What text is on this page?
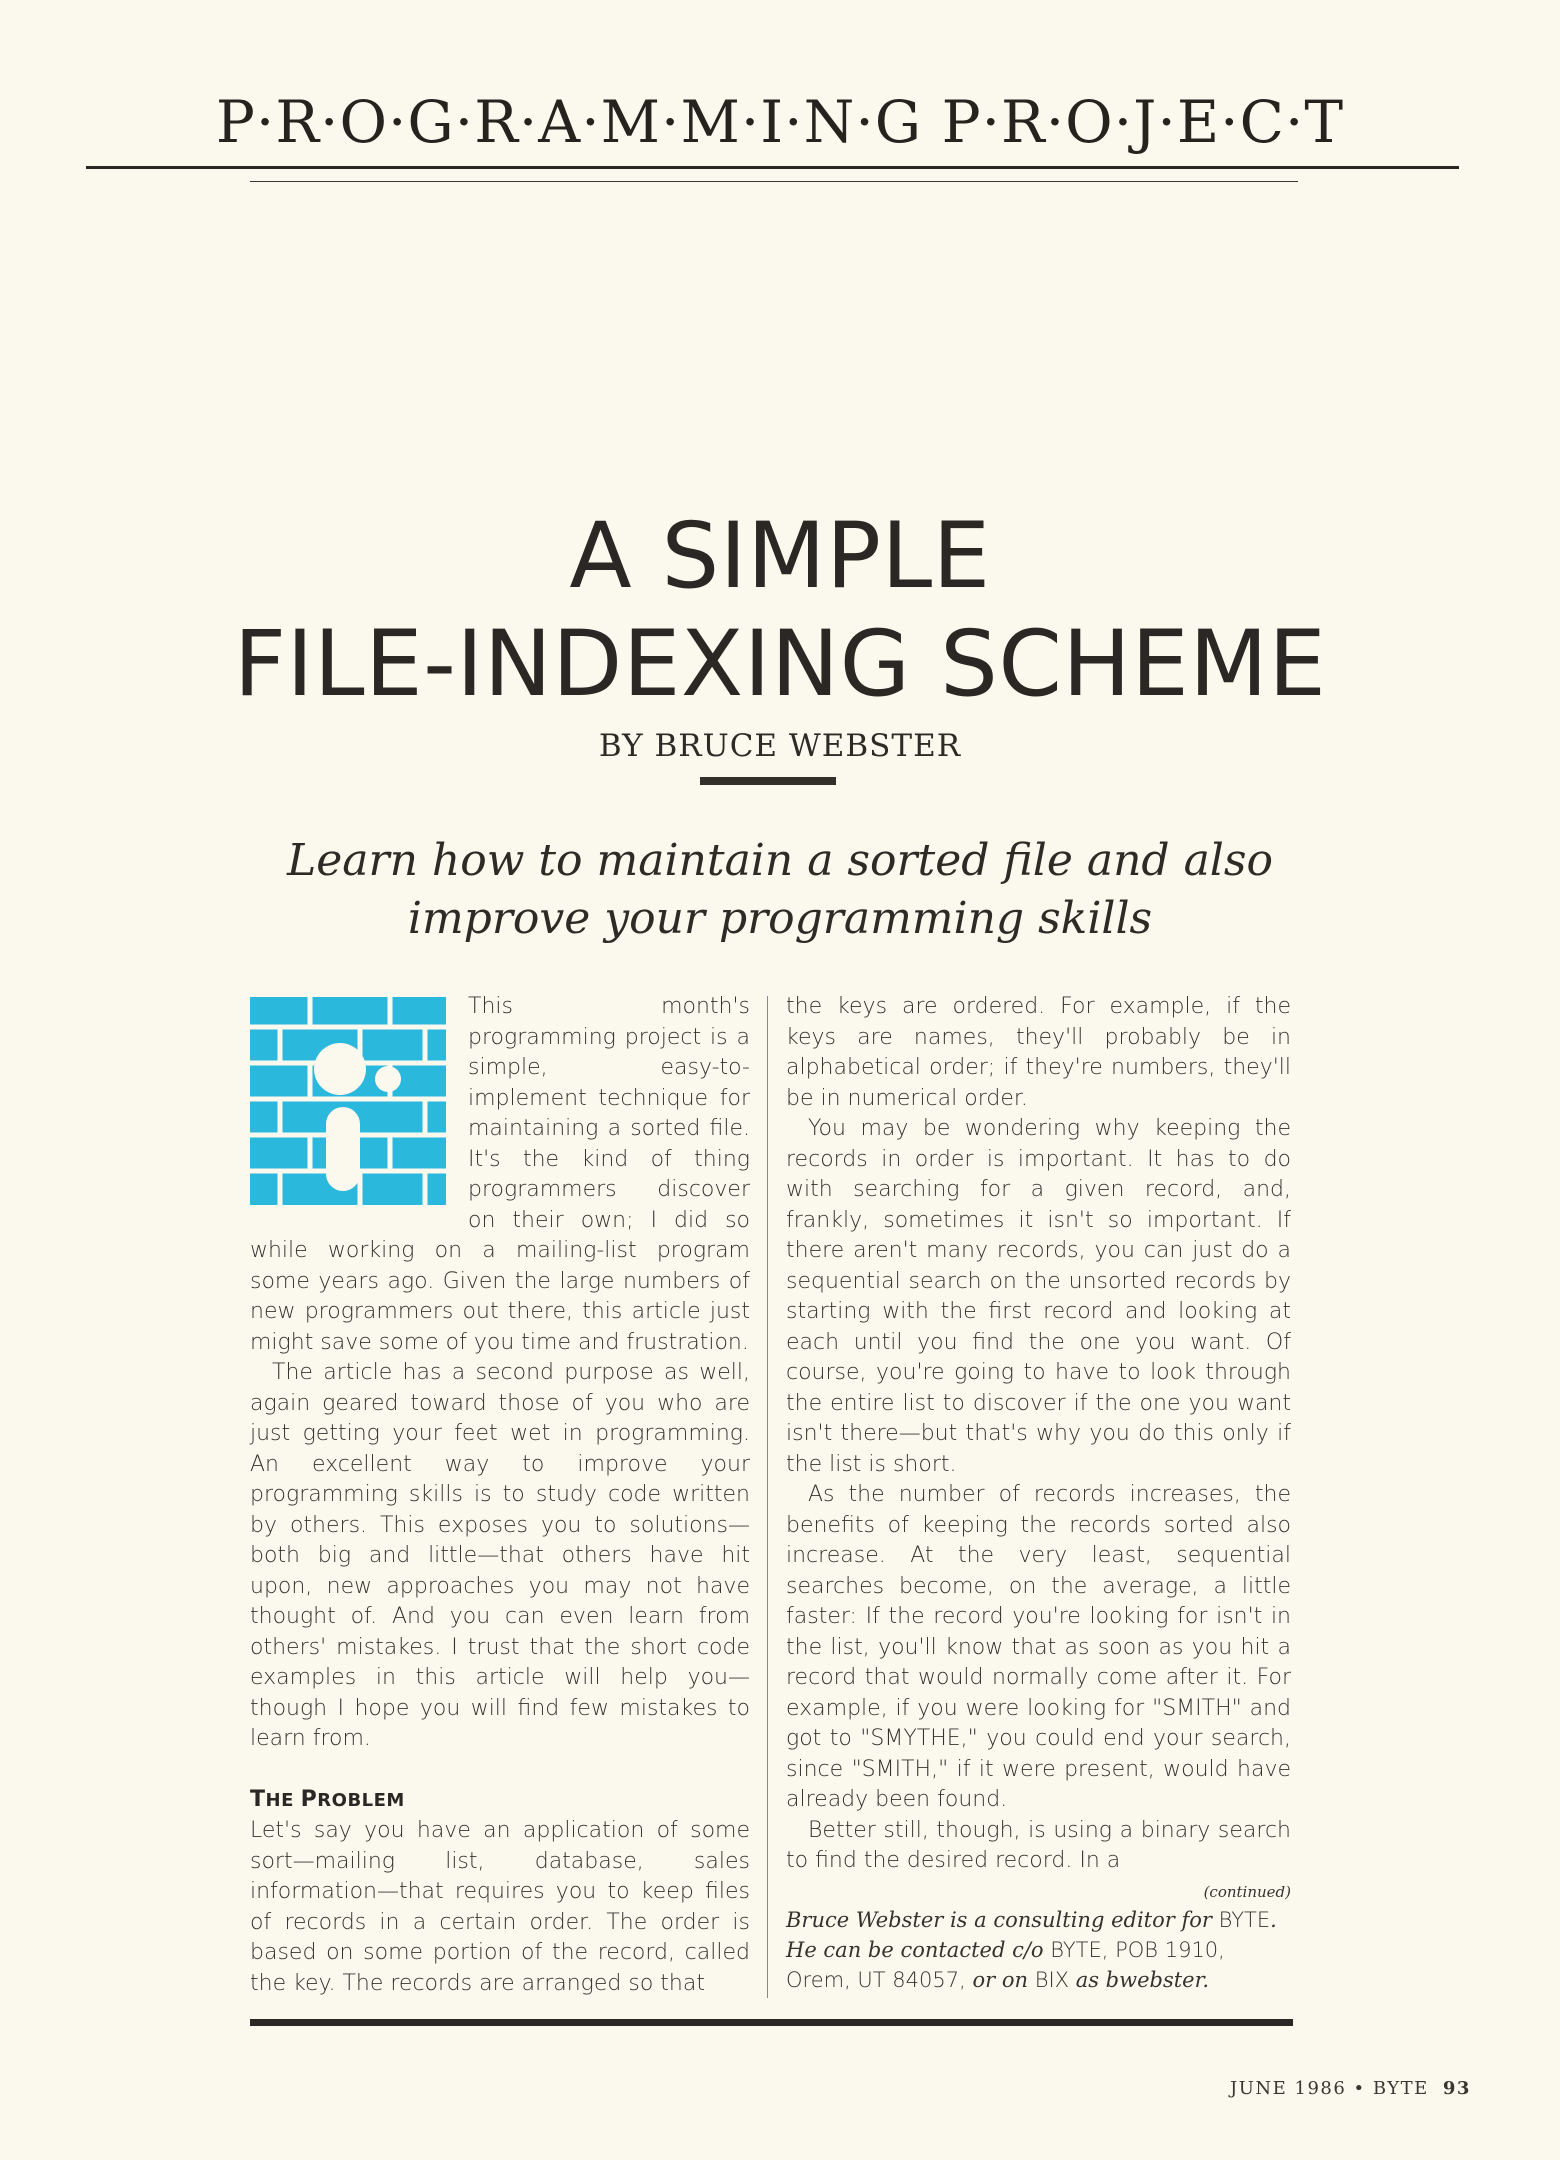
P·R·O·G·R·A·M·M·I·N·G P·R·O·J·E·C·T
A SIMPLE
FILE-INDEXING SCHEME
BY BRUCE WEBSTER
Learn how to maintain a sorted file and also
improve your programming skills

This month's programming project is a simple, easy-to-implement technique for maintaining a sorted file. It's the kind of thing programmers discover on their own; I did so while working on a mailing-list program some years ago. Given the large numbers of new programmers out there, this article just might save some of you time and frustration.

The article has a second purpose as well, again geared toward those of you who are just getting your feet wet in programming. An excellent way to improve your programming skills is to study code written by others. This exposes you to solutions—both big and little—that others have hit upon, new approaches you may not have thought of. And you can even learn from others' mistakes. I trust that the short code examples in this article will help you—though I hope you will find few mistakes to learn from.

THE PROBLEM

Let's say you have an application of some sort—mailing list, database, sales information—that requires you to keep files of records in a certain order. The order is based on some portion of the record, called the key. The records are arranged so that

the keys are ordered. For example, if the keys are names, they'll probably be in alphabetical order; if they're numbers, they'll be in numerical order.

You may be wondering why keeping the records in order is important. It has to do with searching for a given record, and, frankly, sometimes it isn't so important. If there aren't many records, you can just do a sequential search on the unsorted records by starting with the first record and looking at each until you find the one you want. Of course, you're going to have to look through the entire list to discover if the one you want isn't there—but that's why you do this only if the list is short.

As the number of records increases, the benefits of keeping the records sorted also increase. At the very least, sequential searches become, on the average, a little faster: If the record you're looking for isn't in the list, you'll know that as soon as you hit a record that would normally come after it. For example, if you were looking for "SMITH" and got to "SMYTHE," you could end your search, since "SMITH," if it were present, would have already been found.

Better still, though, is using a binary search to find the desired record. In a

(continued)
Bruce Webster is a consulting editor for BYTE. He can be contacted c/o BYTE, POB 1910, Orem, UT 84057, or on BIX as bwebster.
JUNE 1986 • BYTE 93
